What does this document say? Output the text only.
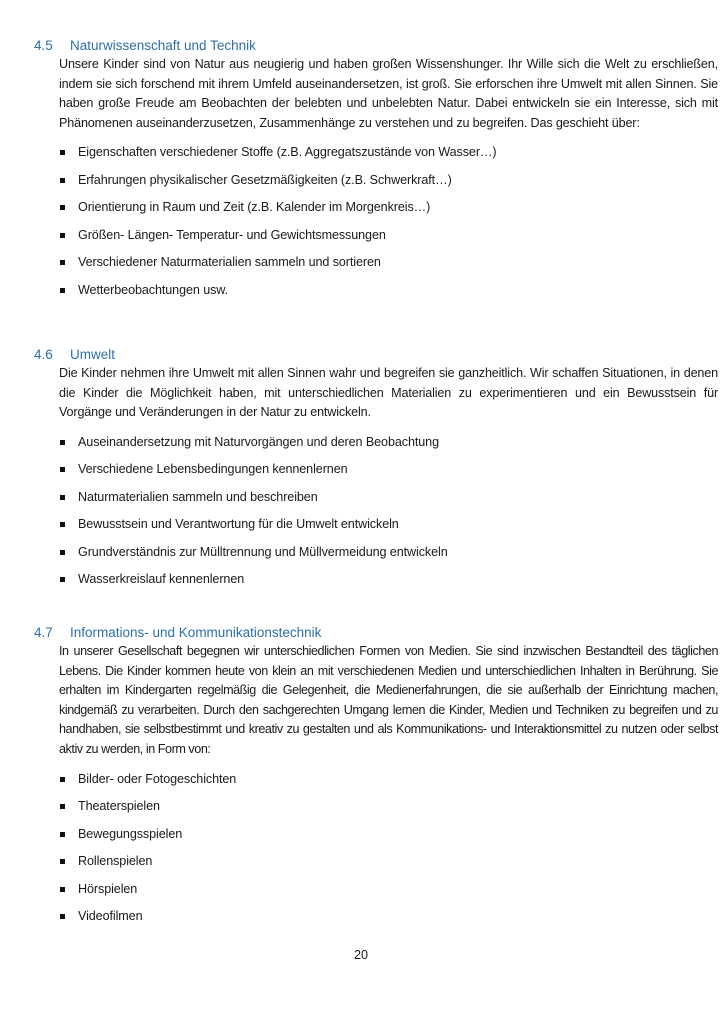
4.5 Naturwissenschaft und Technik
Unsere Kinder sind von Natur aus neugierig und haben großen Wissenshunger. Ihr Wille sich die Welt zu erschließen, indem sie sich forschend mit ihrem Umfeld auseinandersetzen, ist groß. Sie erforschen ihre Umwelt mit allen Sinnen. Sie haben große Freude am Beobachten der belebten und unbelebten Natur. Dabei entwickeln sie ein Interesse, sich mit Phänomenen auseinanderzusetzen, Zusammenhänge zu verstehen und zu begreifen. Das geschieht über:
Eigenschaften verschiedener Stoffe (z.B. Aggregatszustände von Wasser…)
Erfahrungen physikalischer Gesetzmäßigkeiten (z.B. Schwerkraft…)
Orientierung in Raum und Zeit (z.B. Kalender im Morgenkreis…)
Größen- Längen- Temperatur- und Gewichtsmessungen
Verschiedener Naturmaterialien sammeln und sortieren
Wetterbeobachtungen usw.
4.6 Umwelt
Die Kinder nehmen ihre Umwelt mit allen Sinnen wahr und begreifen sie ganzheitlich. Wir schaffen Situationen, in denen die Kinder die Möglichkeit haben, mit unterschiedlichen Materialien zu experimentieren und ein Bewusstsein für Vorgänge und Veränderungen in der Natur zu entwickeln.
Auseinandersetzung mit Naturvorgängen und deren Beobachtung
Verschiedene Lebensbedingungen kennenlernen
Naturmaterialien sammeln und beschreiben
Bewusstsein und Verantwortung für die Umwelt entwickeln
Grundverständnis zur Mülltrennung und Müllvermeidung entwickeln
Wasserkreislauf kennenlernen
4.7 Informations- und Kommunikationstechnik
In unserer Gesellschaft begegnen wir unterschiedlichen Formen von Medien. Sie sind inzwischen Bestandteil des täglichen Lebens. Die Kinder kommen heute von klein an mit verschiedenen Medien und unterschiedlichen Inhalten in Berührung. Sie erhalten im Kindergarten regelmäßig die Gelegenheit, die Medienerfahrungen, die sie außerhalb der Einrichtung machen, kindgemäß zu verarbeiten. Durch den sachgerechten Umgang lernen die Kinder, Medien und Techniken zu begreifen und zu handhaben, sie selbstbestimmt und kreativ zu gestalten und als Kommunikations- und Interaktionsmittel zu nutzen oder selbst aktiv zu werden, in Form von:
Bilder- oder Fotogeschichten
Theaterspielen
Bewegungsspielen
Rollenspielen
Hörspielen
Videofilmen
20
